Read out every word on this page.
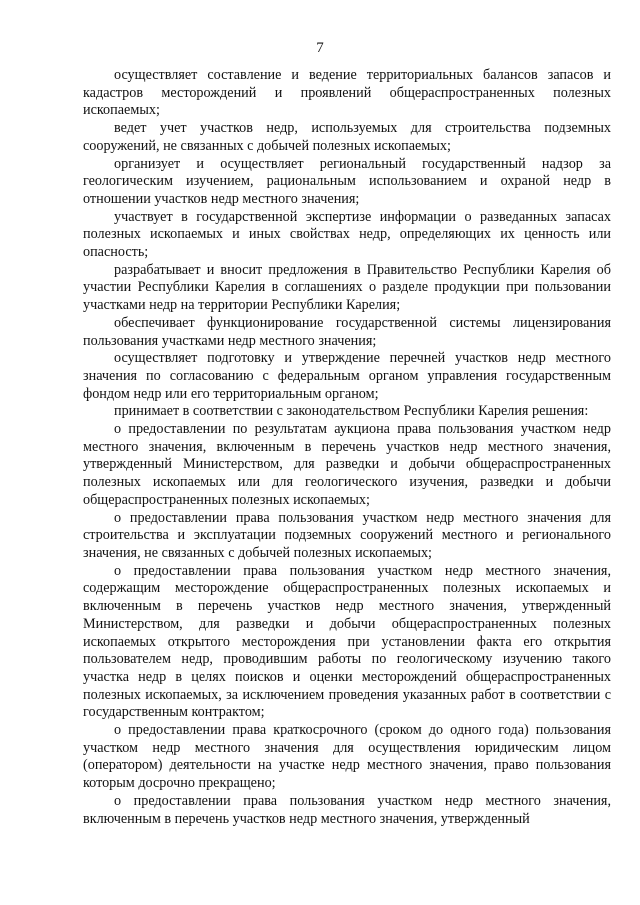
7

осуществляет составление и ведение территориальных балансов запасов и кадастров месторождений и проявлений общераспространенных полезных ископаемых;

ведет учет участков недр, используемых для строительства подземных сооружений, не связанных с добычей полезных ископаемых;

организует и осуществляет региональный государственный надзор за геологическим изучением, рациональным использованием и охраной недр в отношении участков недр местного значения;

участвует в государственной экспертизе информации о разведанных запасах полезных ископаемых и иных свойствах недр, определяющих их ценность или опасность;

разрабатывает и вносит предложения в Правительство Республики Карелия об участии Республики Карелия в соглашениях о разделе продукции при пользовании участками недр на территории Республики Карелия;

обеспечивает функционирование государственной системы лицензирования пользования участками недр местного значения;

осуществляет подготовку и утверждение перечней участков недр местного значения по согласованию с федеральным органом управления государственным фондом недр или его территориальным органом;

принимает в соответствии с законодательством Республики Карелия решения:

о предоставлении по результатам аукциона права пользования участком недр местного значения, включенным в перечень участков недр местного значения, утвержденный Министерством, для разведки и добычи общераспространенных полезных ископаемых или для геологического изучения, разведки и добычи общераспространенных полезных ископаемых;

о предоставлении права пользования участком недр местного значения для строительства и эксплуатации подземных сооружений местного и регионального значения, не связанных с добычей полезных ископаемых;

о предоставлении права пользования участком недр местного значения, содержащим месторождение общераспространенных полезных ископаемых и включенным в перечень участков недр местного значения, утвержденный Министерством, для разведки и добычи общераспространенных полезных ископаемых открытого месторождения при установлении факта его открытия пользователем недр, проводившим работы по геологическому изучению такого участка недр в целях поисков и оценки месторождений общераспространенных полезных ископаемых, за исключением проведения указанных работ в соответствии с государственным контрактом;

о предоставлении права краткосрочного (сроком до одного года) пользования участком недр местного значения для осуществления юридическим лицом (оператором) деятельности на участке недр местного значения, право пользования которым досрочно прекращено;

о предоставлении права пользования участком недр местного значения, включенным в перечень участков недр местного значения, утвержденный
